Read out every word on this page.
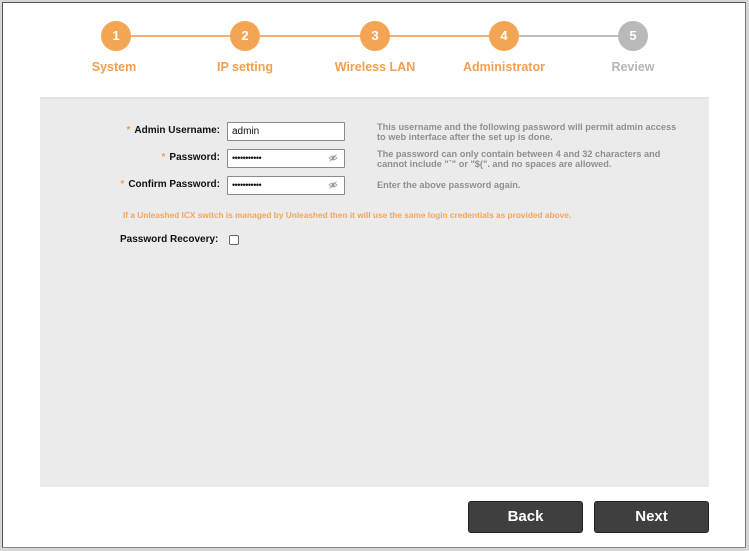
1
System
2
IP setting
3
Wireless LAN
4
Administrator
5
Review
* Admin Username:
admin	This username and the following password will permit admin access to web interface after the set up is done.
* Password:	•••••••••••	The password can only contain between 4 and 32 characters and cannot include "`" or "$(". and no spaces are allowed.
* Confirm Password:	•••••••••••	Enter the above password again.
If a Unleashed ICX switch is managed by Unleashed then it will use the same login credentials as provided above.
Password Recovery:
Back	Next
